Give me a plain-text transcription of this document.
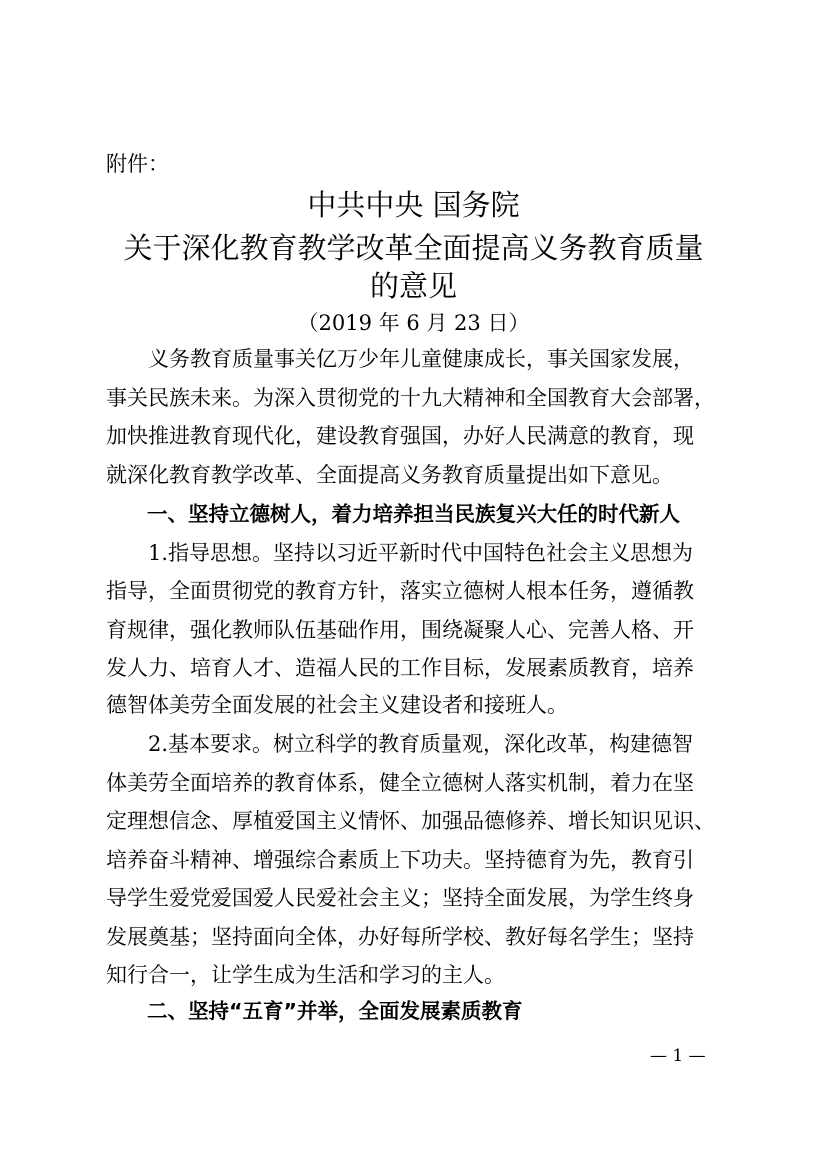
附件：
中共中央 国务院
关于深化教育教学改革全面提高义务教育质量
的意见
（2019 年 6 月 23 日）
　　义务教育质量事关亿万少年儿童健康成长，事关国家发展，
事关民族未来。为深入贯彻党的十九大精神和全国教育大会部署，
加快推进教育现代化，建设教育强国，办好人民满意的教育，现
就深化教育教学改革、全面提高义务教育质量提出如下意见。
　　一、坚持立德树人，着力培养担当民族复兴大任的时代新人
　　1.指导思想。坚持以习近平新时代中国特色社会主义思想为
指导，全面贯彻党的教育方针，落实立德树人根本任务，遵循教
育规律，强化教师队伍基础作用，围绕凝聚人心、完善人格、开
发人力、培育人才、造福人民的工作目标，发展素质教育，培养
德智体美劳全面发展的社会主义建设者和接班人。
　　2.基本要求。树立科学的教育质量观，深化改革，构建德智
体美劳全面培养的教育体系，健全立德树人落实机制，着力在坚
定理想信念、厚植爱国主义情怀、加强品德修养、增长知识见识、
培养奋斗精神、增强综合素质上下功夫。坚持德育为先，教育引
导学生爱党爱国爱人民爱社会主义；坚持全面发展，为学生终身
发展奠基；坚持面向全体，办好每所学校、教好每名学生；坚持
知行合一，让学生成为生活和学习的主人。
　　二、坚持“五育”并举，全面发展素质教育
— 1 —
